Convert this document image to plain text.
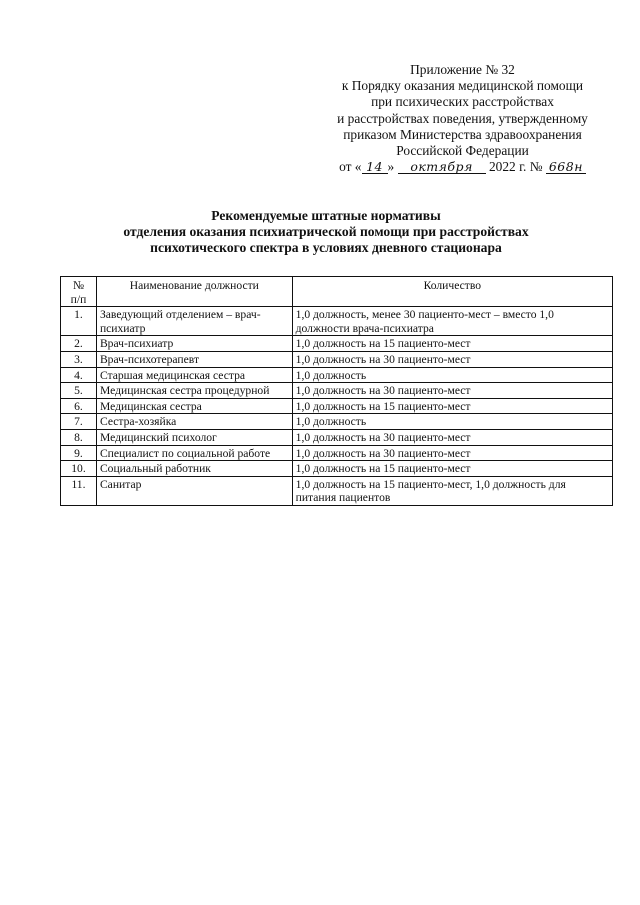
Приложение № 32
к Порядку оказания медицинской помощи
при психических расстройствах
и расстройствах поведения, утвержденному
приказом Министерства здравоохранения
Российской Федерации
от « 14 » октября 2022 г. № 668н
Рекомендуемые штатные нормативы
отделения оказания психиатрической помощи при расстройствах
психотического спектра в условиях дневного стационара
№
п/п	Наименование должности	Количество
1.	Заведующий отделением – врач-психиатр	1,0 должность, менее 30 пациенто-мест – вместо 1,0 должности врача-психиатра
2.	Врач-психиатр	1,0 должность на 15 пациенто-мест
3.	Врач-психотерапевт	1,0 должность на 30 пациенто-мест
4.	Старшая медицинская сестра	1,0 должность
5.	Медицинская сестра процедурной	1,0 должность на 30 пациенто-мест
6.	Медицинская сестра	1,0 должность на 15 пациенто-мест
7.	Сестра-хозяйка	1,0 должность
8.	Медицинский психолог	1,0 должность на 30 пациенто-мест
9.	Специалист по социальной работе	1,0 должность на 30 пациенто-мест
10.	Социальный работник	1,0 должность на 15 пациенто-мест
11.	Санитар	1,0 должность на 15 пациенто-мест, 1,0 должность для питания пациентов
